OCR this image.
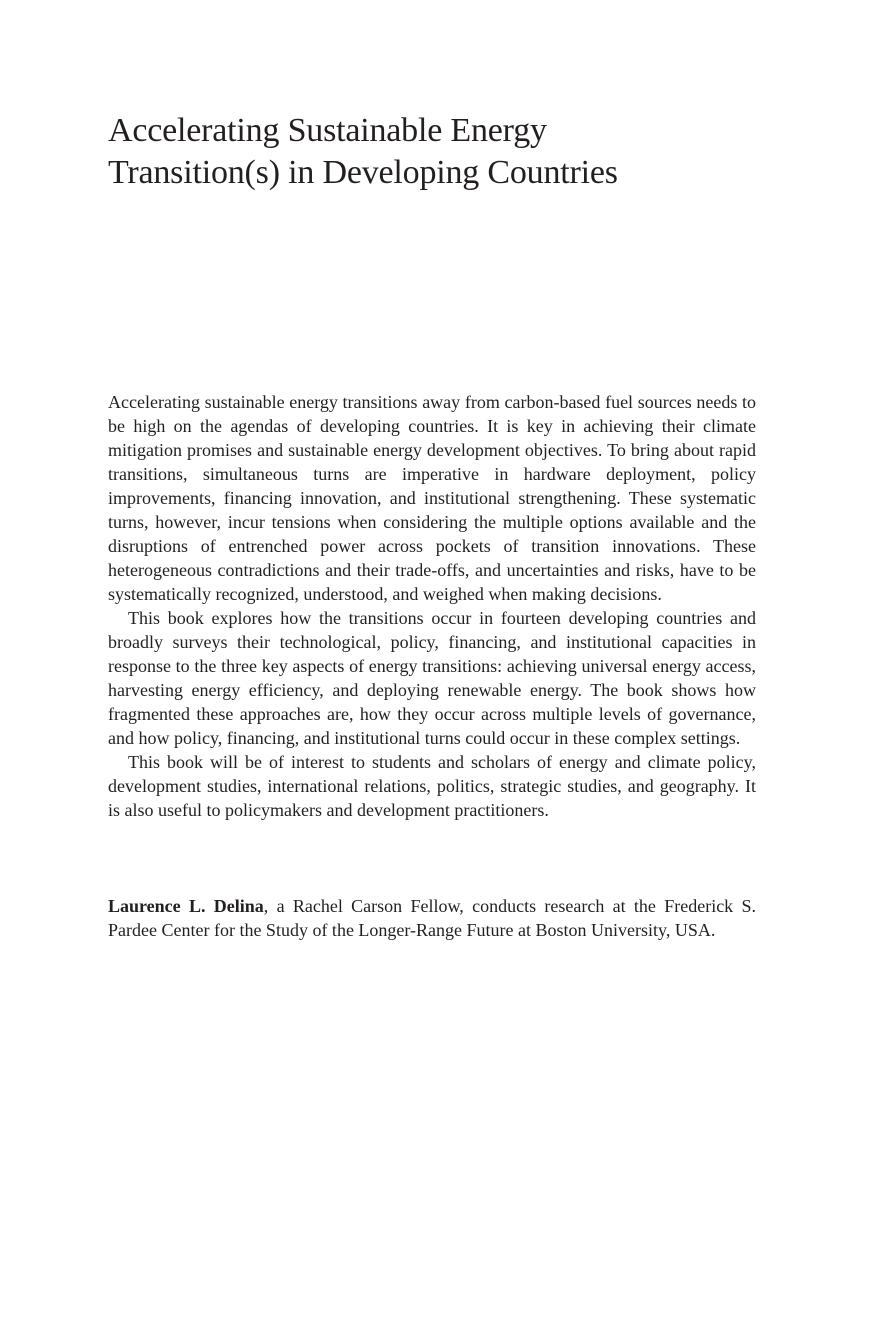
Accelerating Sustainable Energy
Transition(s) in Developing Countries

Accelerating sustainable energy transitions away from carbon-based fuel sources needs to be high on the agendas of developing countries. It is key in achieving their climate mitigation promises and sustainable energy development objectives. To bring about rapid transitions, simultaneous turns are imperative in hardware deployment, policy improvements, financing innovation, and institutional strengthening. These systematic turns, however, incur tensions when considering the multiple options available and the disruptions of entrenched power across pockets of transition innovations. These heterogeneous contradictions and their trade-offs, and uncertainties and risks, have to be systematically recognized, understood, and weighed when making decisions.

This book explores how the transitions occur in fourteen developing countries and broadly surveys their technological, policy, financing, and institutional capacities in response to the three key aspects of energy transitions: achieving universal energy access, harvesting energy efficiency, and deploying renewable energy. The book shows how fragmented these approaches are, how they occur across multiple levels of governance, and how policy, financing, and institutional turns could occur in these complex settings.

This book will be of interest to students and scholars of energy and climate policy, development studies, international relations, politics, strategic studies, and geography. It is also useful to policymakers and development practitioners.

Laurence L. Delina, a Rachel Carson Fellow, conducts research at the Frederick S. Pardee Center for the Study of the Longer-Range Future at Boston University, USA.
